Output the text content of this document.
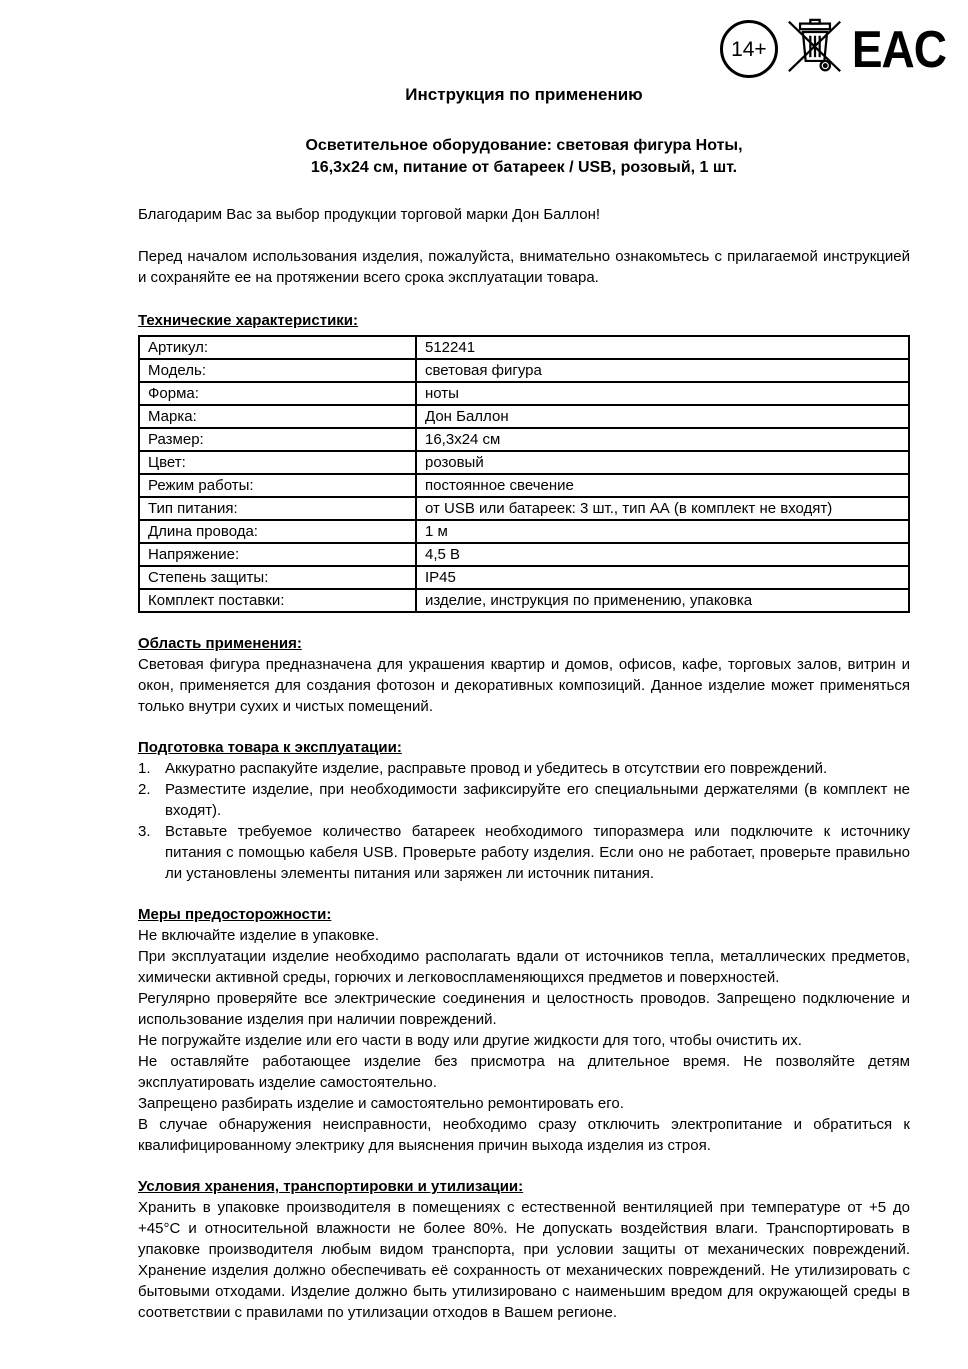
14+ EAC
Инструкция по применению
Осветительное оборудование: световая фигура Ноты,
16,3х24 см, питание от батареек / USB, розовый, 1 шт.

Благодарим Вас за выбор продукции торговой марки Дон Баллон!

Перед началом использования изделия, пожалуйста, внимательно ознакомьтесь с прилагаемой инструкцией и сохраняйте ее на протяжении всего срока эксплуатации товара.

Технические характеристики:
Артикул:	512241
Модель:	световая фигура
Форма:	ноты
Марка:	Дон Баллон
Размер:	16,3х24 см
Цвет:	розовый
Режим работы:	постоянное свечение
Тип питания:	от USB или батареек: 3 шт., тип АА (в комплект не входят)
Длина провода:	1 м
Напряжение:	4,5 В
Степень защиты:	IP45
Комплект поставки:	изделие, инструкция по применению, упаковка
Область применения:

Световая фигура предназначена для украшения квартир и домов, офисов, кафе, торговых залов, витрин и окон, применяется для создания фотозон и декоративных композиций. Данное изделие может применяться только внутри сухих и чистых помещений.

Подготовка товара к эксплуатации:
1. Аккуратно распакуйте изделие, расправьте провод и убедитесь в отсутствии его повреждений.
2. Разместите изделие, при необходимости зафиксируйте его специальными держателями (в комплект не входят).
3. Вставьте требуемое количество батареек необходимого типоразмера или подключите к источнику питания с помощью кабеля USB. Проверьте работу изделия. Если оно не работает, проверьте правильно ли установлены элементы питания или заряжен ли источник питания.
Меры предосторожности:

Не включайте изделие в упаковке.

При эксплуатации изделие необходимо располагать вдали от источников тепла, металлических предметов, химически активной среды, горючих и легковоспламеняющихся предметов и поверхностей.

Регулярно проверяйте все электрические соединения и целостность проводов. Запрещено подключение и использование изделия при наличии повреждений.

Не погружайте изделие или его части в воду или другие жидкости для того, чтобы очистить их.

Не оставляйте работающее изделие без присмотра на длительное время. Не позволяйте детям эксплуатировать изделие самостоятельно.

Запрещено разбирать изделие и самостоятельно ремонтировать его.

В случае обнаружения неисправности, необходимо сразу отключить электропитание и обратиться к квалифицированному электрику для выяснения причин выхода изделия из строя.

Условия хранения, транспортировки и утилизации:

Хранить в упаковке производителя в помещениях с естественной вентиляцией при температуре от +5 до +45°С и относительной влажности не более 80%. Не допускать воздействия влаги. Транспортировать в упаковке производителя любым видом транспорта, при условии защиты от механических повреждений. Хранение изделия должно обеспечивать её сохранность от механических повреждений. Не утилизировать с бытовыми отходами. Изделие должно быть утилизировано с наименьшим вредом для окружающей среды в соответствии с правилами по утилизации отходов в Вашем регионе.
